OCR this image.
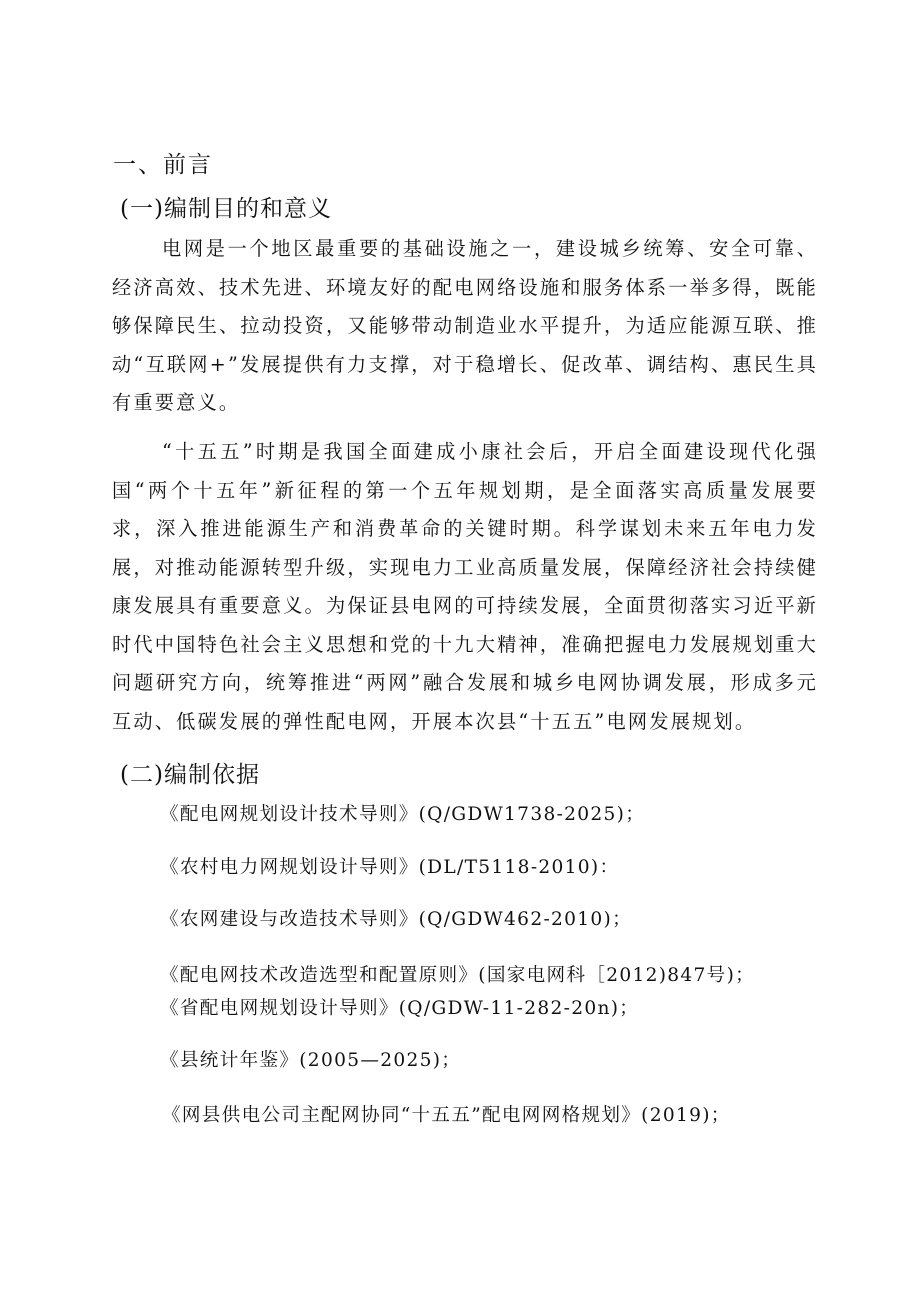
一、前言
(一)编制目的和意义

电网是一个地区最重要的基础设施之一，建设城乡统筹、安全可靠、经济高效、技术先进、环境友好的配电网络设施和服务体系一举多得，既能够保障民生、拉动投资，又能够带动制造业水平提升，为适应能源互联、推动“互联网+”发展提供有力支撑，对于稳增长、促改革、调结构、惠民生具有重要意义。

“十五五”时期是我国全面建成小康社会后，开启全面建设现代化强国“两个十五年”新征程的第一个五年规划期，是全面落实高质量发展要求，深入推进能源生产和消费革命的关键时期。科学谋划未来五年电力发展，对推动能源转型升级，实现电力工业高质量发展，保障经济社会持续健康发展具有重要意义。为保证县电网的可持续发展，全面贯彻落实习近平新时代中国特色社会主义思想和党的十九大精神，准确把握电力发展规划重大问题研究方向，统筹推进“两网”融合发展和城乡电网协调发展，形成多元互动、低碳发展的弹性配电网，开展本次县“十五五”电网发展规划。

(二)编制依据
《配电网规划设计技术导则》(Q/GDW1738-2025)；
《农村电力网规划设计导则》(DL/T5118-2010)：
《农网建设与改造技术导则》(Q/GDW462-2010)；
《配电网技术改造选型和配置原则》(国家电网科［2012)847号)；
《省配电网规划设计导则》(Q/GDW-11-282-20n)；
《县统计年鉴》(2005—2025)；
《网县供电公司主配网协同“十五五”配电网网格规划》(2019)；
